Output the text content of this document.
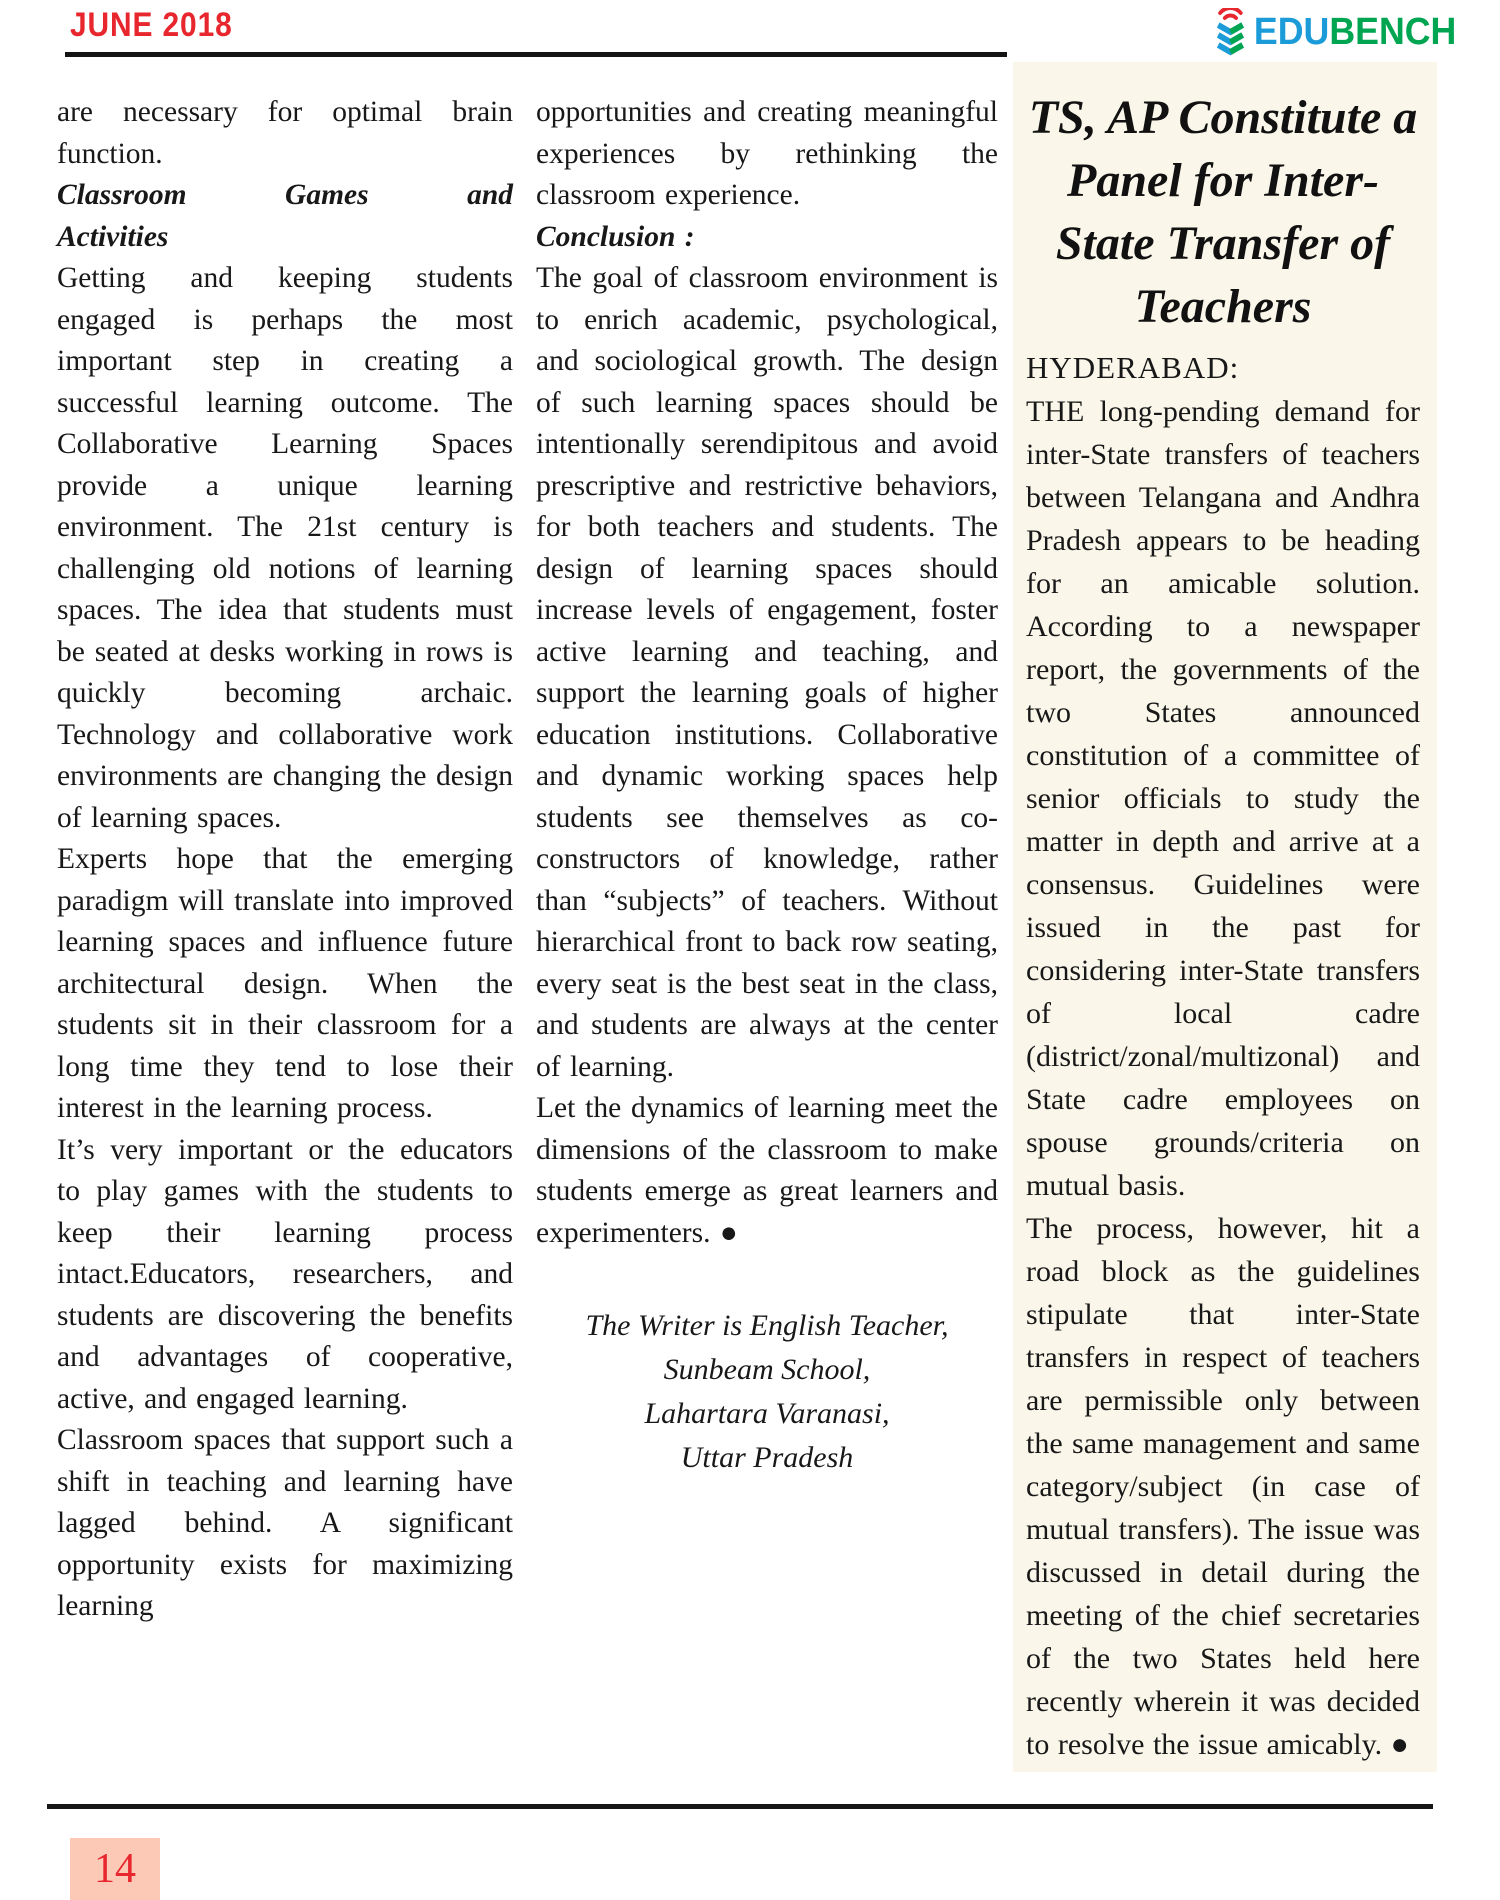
JUNE 2018	EDUBENCH

are necessary for optimal brain function.

Classroom Games and
Activities

Getting and keeping students engaged is perhaps the most important step in creating a successful learning outcome. The Collaborative Learning Spaces provide a unique learning environment. The 21st century is challenging old notions of learning spaces. The idea that students must be seated at desks working in rows is quickly becoming archaic. Technology and collaborative work environments are changing the design of learning spaces.

Experts hope that the emerging paradigm will translate into improved learning spaces and influence future architectural design. When the students sit in their classroom for a long time they tend to lose their interest in the learning process.

It’s very important or the educators to play games with the students to keep their learning process intact.Educators, researchers, and students are discovering the benefits and advantages of cooperative, active, and engaged learning.

Classroom spaces that support such a shift in teaching and learning have lagged behind. A significant opportunity exists for maximizing learning

opportunities and creating meaningful experiences by rethinking the classroom experience.

Conclusion :

The goal of classroom environment is to enrich academic, psychological, and sociological growth. The design of such learning spaces should be intentionally serendipitous and avoid prescriptive and restrictive behaviors, for both teachers and students. The design of learning spaces should increase levels of engagement, foster active learning and teaching, and support the learning goals of higher education institutions. Collaborative and dynamic working spaces help students see themselves as co-constructors of knowledge, rather than “subjects” of teachers. Without hierarchical front to back row seating, every seat is the best seat in the class, and students are always at the center of learning.

Let the dynamics of learning meet the dimensions of the classroom to make students emerge as great learners and experimenters. ●

The Writer is English Teacher,
Sunbeam School,
Lahartara Varanasi,
Uttar Pradesh
TS, AP Constitute a Panel for Inter-State Transfer of Teachers
HYDERABAD:

THE long-pending demand for inter-State transfers of teachers between Telangana and Andhra Pradesh appears to be heading for an amicable solution. According to a newspaper report, the governments of the two States announced constitution of a committee of senior officials to study the matter in depth and arrive at a consensus. Guidelines were issued in the past for considering inter-State transfers of local cadre (district/zonal/multizonal) and State cadre employees on spouse grounds/criteria on mutual basis.

The process, however, hit a road block as the guidelines stipulate that inter-State transfers in respect of teachers are permissible only between the same management and same category/subject (in case of mutual transfers). The issue was discussed in detail during the meeting of the chief secretaries of the two States held here recently wherein it was decided to resolve the issue amicably. ●

14
